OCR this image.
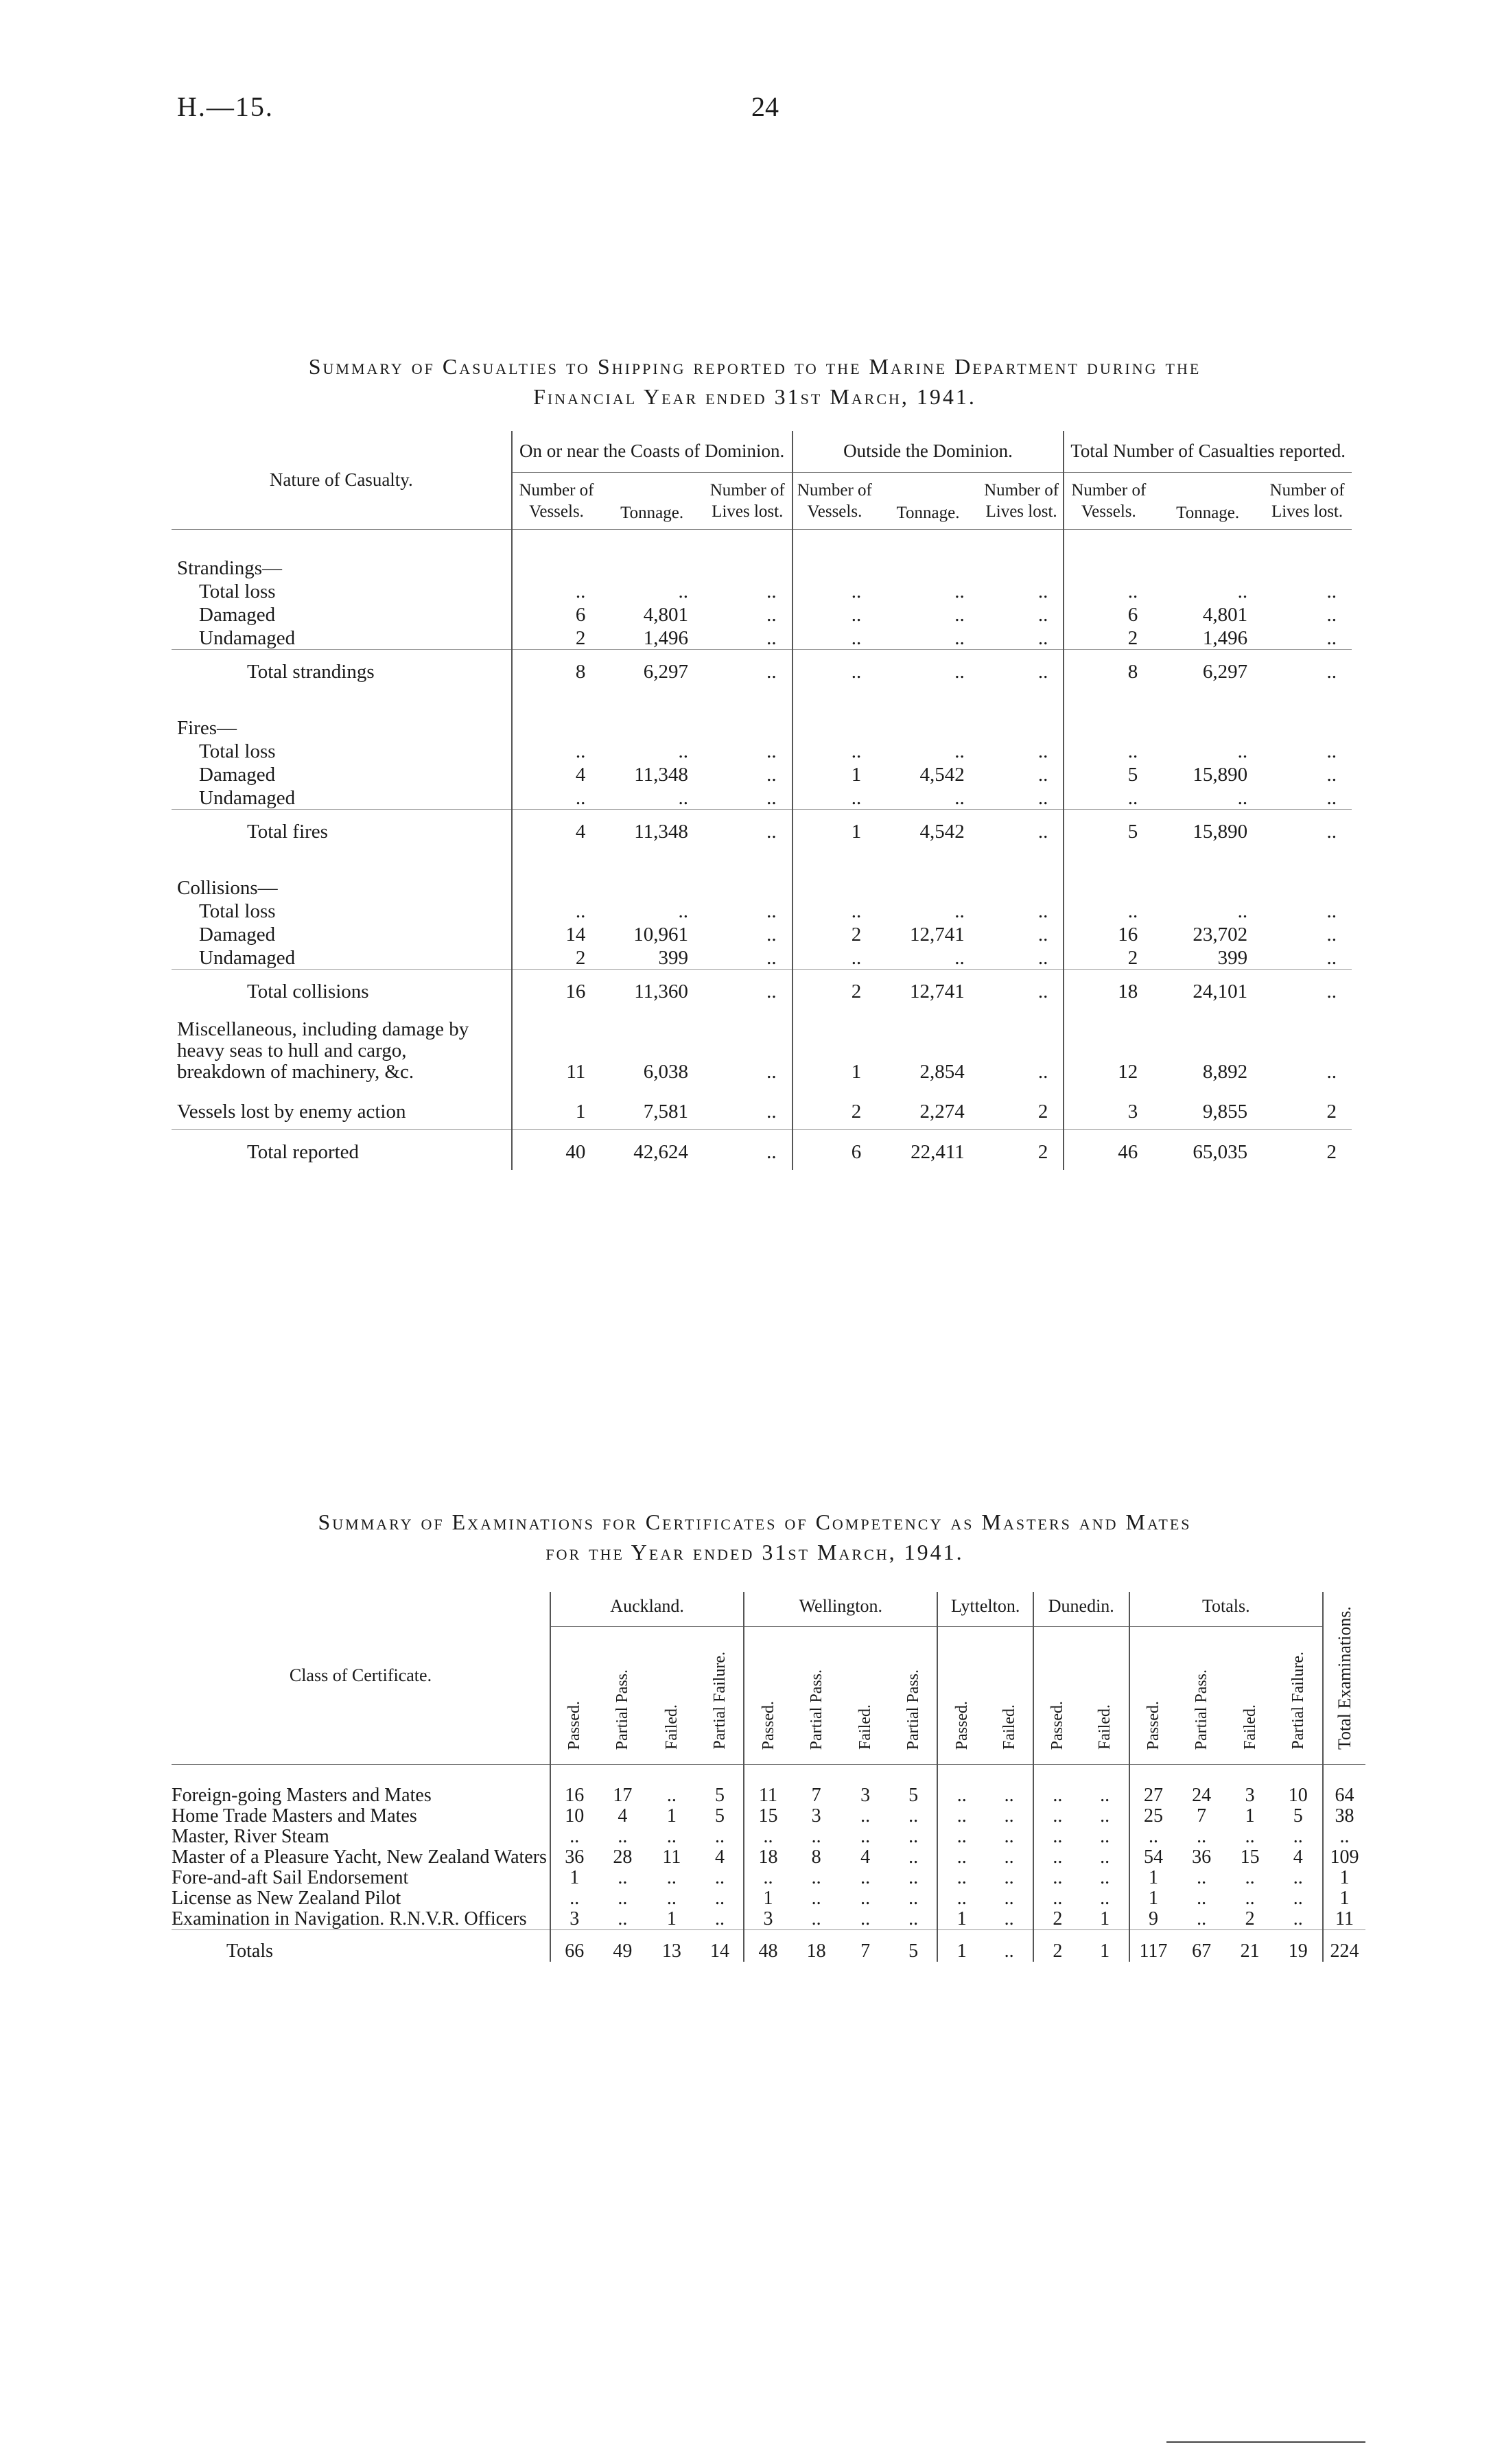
H.—15.	24
Summary of Casualties to Shipping reported to the Marine Department during the
Financial Year ended 31st March, 1941.
Nature of Casualty.	On or near the Coasts of Dominion.			Outside the Dominion.			Total Number of Casualties reported.		
	Number of Vessels.	Tonnage.	Number of Lives lost.	Number of Vessels.	Tonnage.	Number of Lives lost.	Number of Vessels.	Tonnage.	Number of Lives lost.
Strandings—									
Total loss	..	..	..	..	..	..	..	..	..
Damaged	6	4,801	..	..	..	..	6	4,801	..
Undamaged	2	1,496	..	..	..	..	2	1,496	..
Total strandings	8	6,297	..	..	..	..	8	6,297	..
Fires—									
Total loss	..	..	..	..	..	..	..	..	..
Damaged	4	11,348	..	1	4,542	..	5	15,890	..
Undamaged	..	..	..	..	..	..	..	..	..
Total fires	4	11,348	..	1	4,542	..	5	15,890	..
Collisions—									
Total loss	..	..	..	..	..	..	..	..	..
Damaged	14	10,961	..	2	12,741	..	16	23,702	..
Undamaged	2	399	..	..	..	..	2	399	..
Total collisions	16	11,360	..	2	12,741	..	18	24,101	..
Miscellaneous, including damage by heavy seas to hull and cargo, breakdown of machinery, &c.	11	6,038	..	1	2,854	..	12	8,892	..
Vessels lost by enemy action	1	7,581	..	2	2,274	2	3	9,855	2
Total reported	40	42,624	..	6	22,411	2	46	65,035	2
Summary of Examinations for Certificates of Competency as Masters and Mates
for the Year ended 31st March, 1941.
Class of Certificate.	Auckland.				Wellington.				Lyttelton.		Dunedin.		Totals.				Total Examinations.
	Passed.	Partial Pass.	Failed.	Partial Failure.	Passed.	Partial Pass.	Failed.	Partial Pass.	Passed.	Failed.	Passed.	Failed.	Passed.	Partial Pass.	Failed.	Partial Failure.	
Foreign-going Masters and Mates	16	17	..	5	11	7	3	5	..	..	..	..	27	24	3	10	64
Home Trade Masters and Mates	10	4	1	5	15	3	..	..	..	..	..	..	25	7	1	5	38
Master, River Steam	..	..	..	..	..	..	..	..	..	..	..	..	..	..	..	..	..
Master of a Pleasure Yacht, New Zealand Waters	36	28	11	4	18	8	4	..	..	..	..	..	54	36	15	4	109
Fore-and-aft Sail Endorsement	1	..	..	..	..	..	..	..	..	..	..	..	1	..	..	..	1
License as New Zealand Pilot	..	..	..	..	1	..	..	..	..	..	..	..	1	..	..	..	1
Examination in Navigation. R.N.V.R. Officers	3	..	1	..	3	..	..	..	1	..	2	1	9	..	2	..	11
Totals	66	49	13	14	48	18	7	5	1	..	2	1	117	67	21	19	224
